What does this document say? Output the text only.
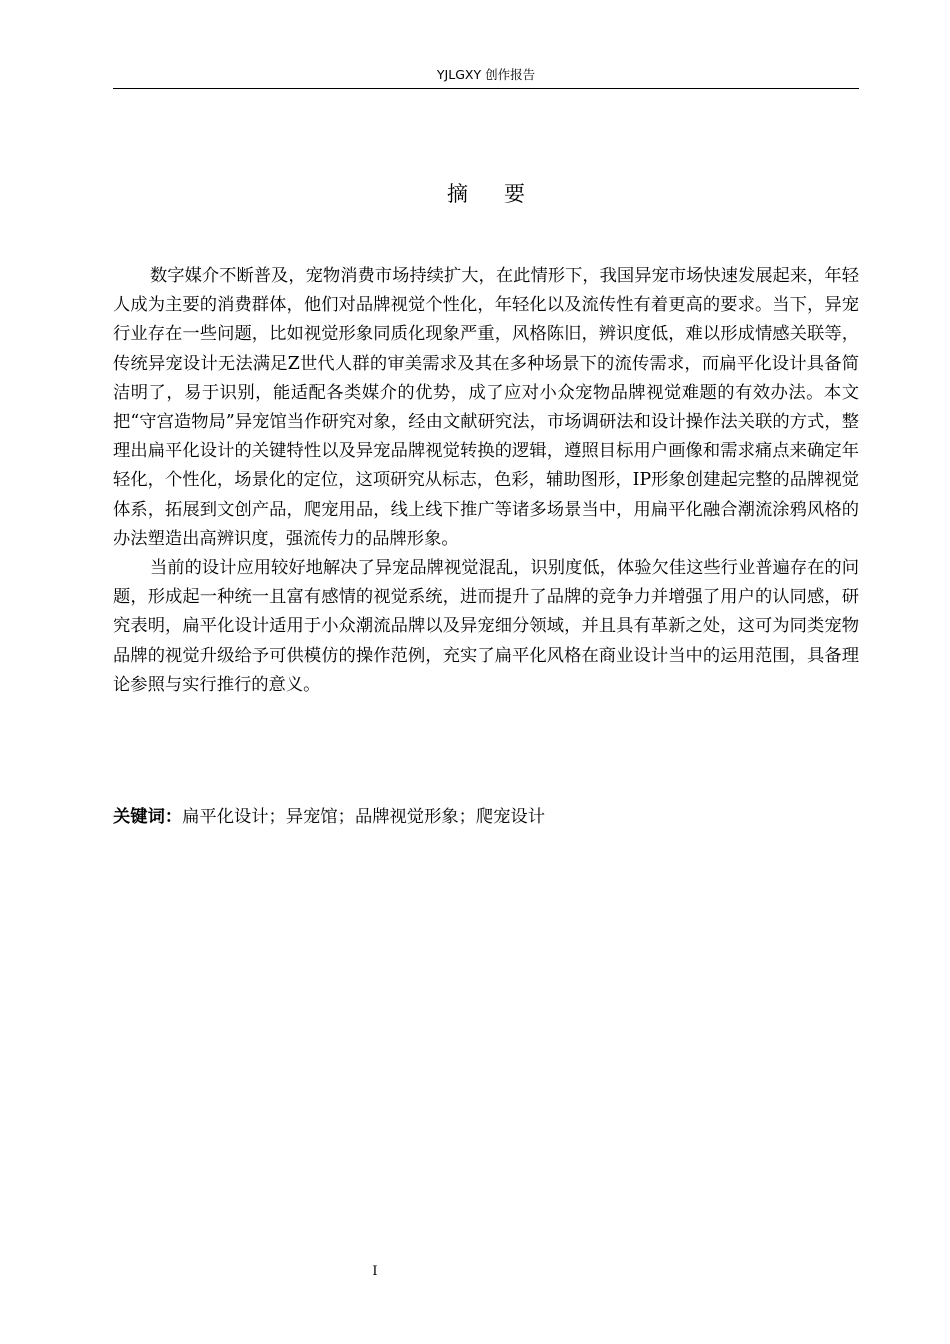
YJLGXY 创作报告
摘要

数字媒介不断普及，宠物消费市场持续扩大，在此情形下，我国异宠市场快速发展起来，年轻人成为主要的消费群体，他们对品牌视觉个性化，年轻化以及流传性有着更高的要求。当下，异宠行业存在一些问题，比如视觉形象同质化现象严重，风格陈旧，辨识度低，难以形成情感关联等，传统异宠设计无法满足Z世代人群的审美需求及其在多种场景下的流传需求，而扁平化设计具备简洁明了，易于识别，能适配各类媒介的优势，成了应对小众宠物品牌视觉难题的有效办法。本文把“守宫造物局”异宠馆当作研究对象，经由文献研究法，市场调研法和设计操作法关联的方式，整理出扁平化设计的关键特性以及异宠品牌视觉转换的逻辑，遵照目标用户画像和需求痛点来确定年轻化，个性化，场景化的定位，这项研究从标志，色彩，辅助图形，IP形象创建起完整的品牌视觉体系，拓展到文创产品，爬宠用品，线上线下推广等诸多场景当中，用扁平化融合潮流涂鸦风格的办法塑造出高辨识度，强流传力的品牌形象。

当前的设计应用较好地解决了异宠品牌视觉混乱，识别度低，体验欠佳这些行业普遍存在的问题，形成起一种统一且富有感情的视觉系统，进而提升了品牌的竞争力并增强了用户的认同感，研究表明，扁平化设计适用于小众潮流品牌以及异宠细分领域，并且具有革新之处，这可为同类宠物品牌的视觉升级给予可供模仿的操作范例，充实了扁平化风格在商业设计当中的运用范围，具备理论参照与实行推行的意义。

关键词：扁平化设计；异宠馆；品牌视觉形象；爬宠设计
I
